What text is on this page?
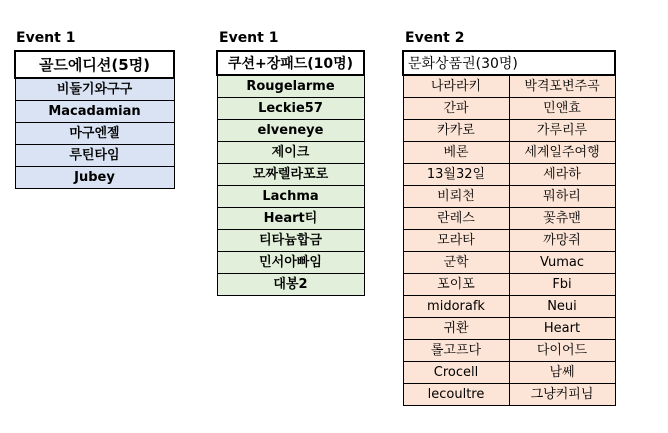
Event 1
골드에디션(5명)
비둘기와구구
Macadamian
마구엔젤
루틴타임
Jubey
Event 1
쿠션+장패드(10명)
Rougelarme
Leckie57
elveneye
제이크
모짜렐라포로
Lachma
Heart티
티타늄합금
민서아빠임
대봉2
Event 2
문화상품권(30명)	
나라라키	박격포변주곡
간파	민앤효
카카로	가루리루
베론	세계일주여행
13월32일	세라하
비뢰천	뭐하리
란레스	꽃츄맨
모라타	까망쥐
군학	Vumac
포이포	Fbi
midorafk	Neui
귀환	Heart
롤고프다	다이어드
Crocell	남쎄
lecoultre	그냥커피님
